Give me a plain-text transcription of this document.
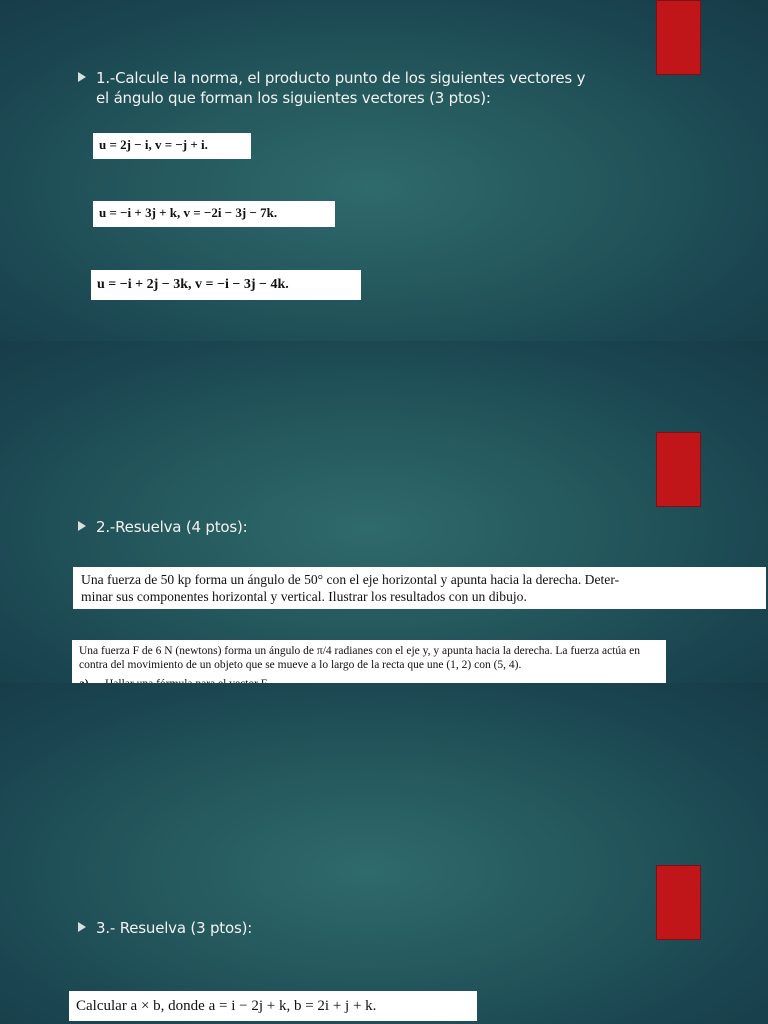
1.-Calcule la norma, el producto punto de los siguientes vectores y
el ángulo que forman los siguientes vectores (3 ptos):
u = 2j − i, v = −j + i.
u = −i + 3j + k, v = −2i − 3j − 7k.
u = −i + 2j − 3k, v = −i − 3j − 4k.
2.-Resuelva (4 ptos):
Una fuerza de 50 kp forma un ángulo de 50° con el eje horizontal y apunta hacia la derecha. Deter-
minar sus componentes horizontal y vertical. Ilustrar los resultados con un dibujo.
Una fuerza F de 6 N (newtons) forma un ángulo de π/4 radianes con el eje y, y apunta hacia la derecha. La fuerza actúa en contra del movimiento de un objeto que se mueve a lo largo de la recta que une (1, 2) con (5, 4).
3.- Resuelva (3 ptos):
Calcular a × b, donde a = i − 2j + k, b = 2i + j + k.
